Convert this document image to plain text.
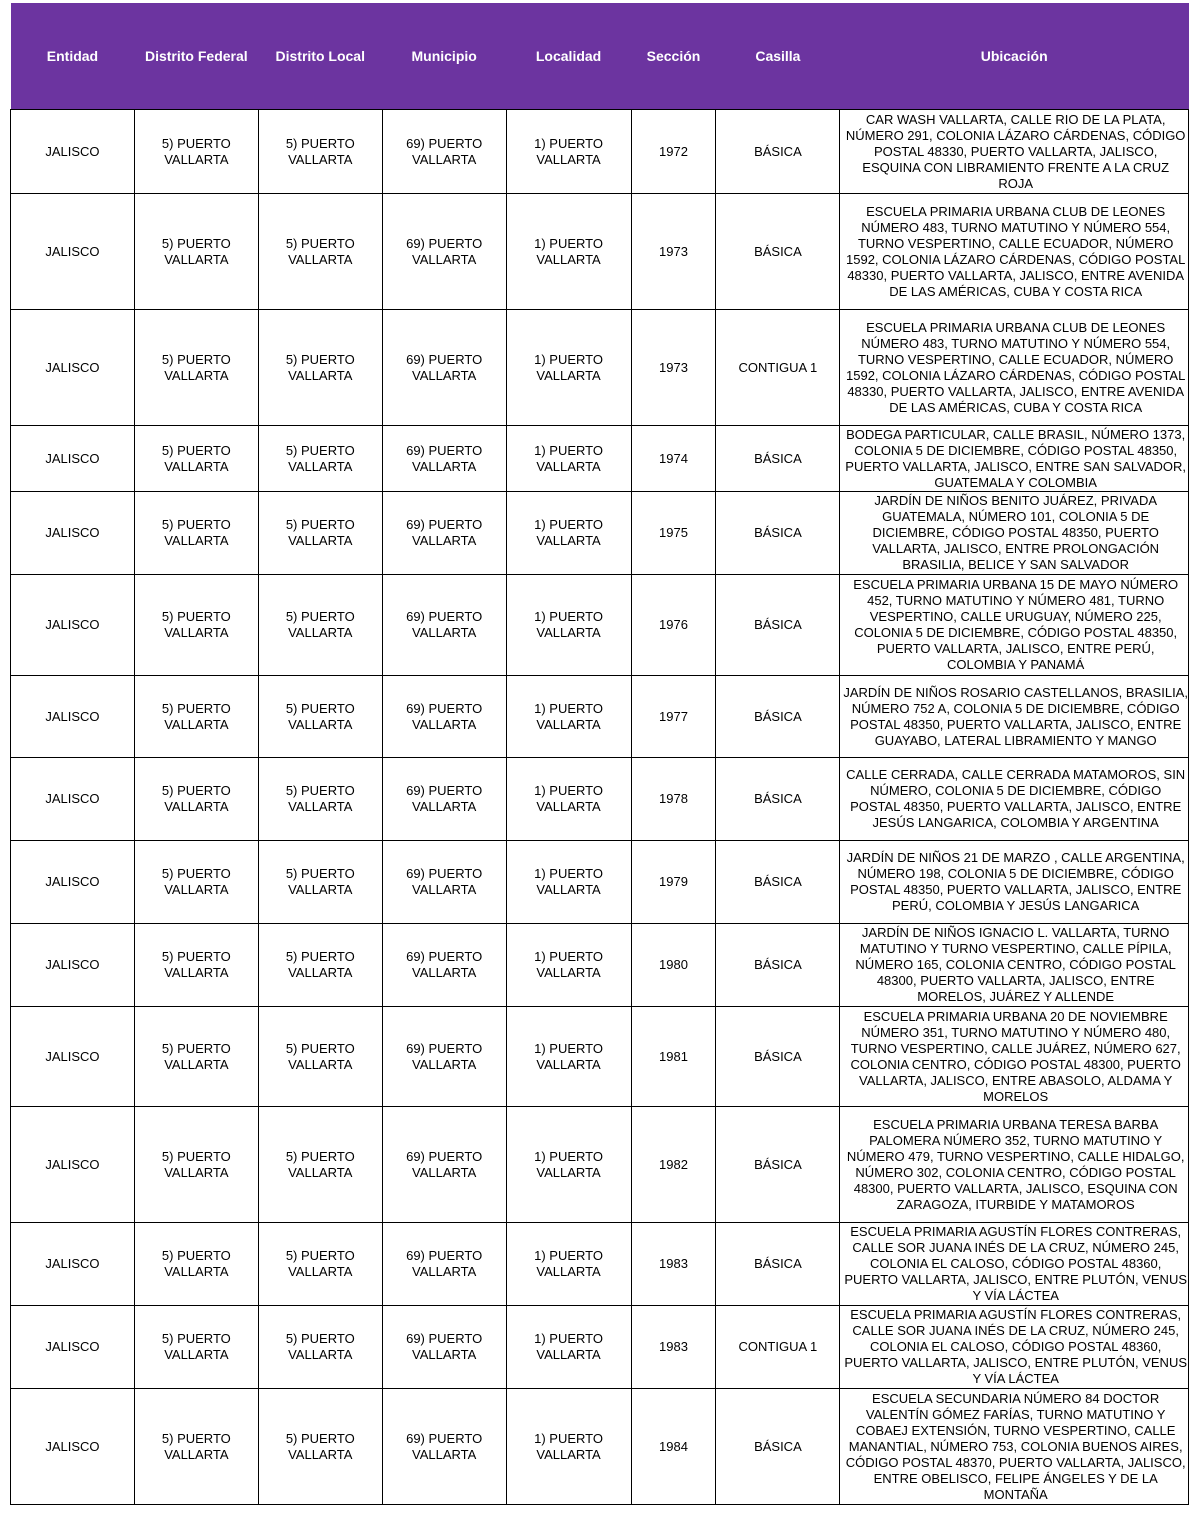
Entidad	Distrito Federal	Distrito Local	Municipio	Localidad	Sección	Casilla	Ubicación
JALISCO	5) PUERTO VALLARTA	5) PUERTO VALLARTA	69) PUERTO VALLARTA	1) PUERTO VALLARTA	1972	BÁSICA	CAR WASH VALLARTA, CALLE RIO DE LA PLATA, NÚMERO 291, COLONIA LÁZARO CÁRDENAS, CÓDIGO POSTAL 48330, PUERTO VALLARTA, JALISCO, ESQUINA CON LIBRAMIENTO FRENTE A LA CRUZ ROJA
JALISCO	5) PUERTO VALLARTA	5) PUERTO VALLARTA	69) PUERTO VALLARTA	1) PUERTO VALLARTA	1973	BÁSICA	ESCUELA PRIMARIA URBANA CLUB DE LEONES NÚMERO 483, TURNO MATUTINO Y NÚMERO 554, TURNO VESPERTINO, CALLE ECUADOR, NÚMERO 1592, COLONIA LÁZARO CÁRDENAS, CÓDIGO POSTAL 48330, PUERTO VALLARTA, JALISCO, ENTRE AVENIDA DE LAS AMÉRICAS, CUBA Y COSTA RICA
JALISCO	5) PUERTO VALLARTA	5) PUERTO VALLARTA	69) PUERTO VALLARTA	1) PUERTO VALLARTA	1973	CONTIGUA 1	ESCUELA PRIMARIA URBANA CLUB DE LEONES NÚMERO 483, TURNO MATUTINO Y NÚMERO 554, TURNO VESPERTINO, CALLE ECUADOR, NÚMERO 1592, COLONIA LÁZARO CÁRDENAS, CÓDIGO POSTAL 48330, PUERTO VALLARTA, JALISCO, ENTRE AVENIDA DE LAS AMÉRICAS, CUBA Y COSTA RICA
JALISCO	5) PUERTO VALLARTA	5) PUERTO VALLARTA	69) PUERTO VALLARTA	1) PUERTO VALLARTA	1974	BÁSICA	BODEGA PARTICULAR, CALLE BRASIL, NÚMERO 1373, COLONIA 5 DE DICIEMBRE, CÓDIGO POSTAL 48350, PUERTO VALLARTA, JALISCO, ENTRE SAN SALVADOR, GUATEMALA Y COLOMBIA
JALISCO	5) PUERTO VALLARTA	5) PUERTO VALLARTA	69) PUERTO VALLARTA	1) PUERTO VALLARTA	1975	BÁSICA	JARDÍN DE NIÑOS BENITO JUÁREZ, PRIVADA GUATEMALA, NÚMERO 101, COLONIA 5 DE DICIEMBRE, CÓDIGO POSTAL 48350, PUERTO VALLARTA, JALISCO, ENTRE PROLONGACIÓN BRASILIA, BELICE Y SAN SALVADOR
JALISCO	5) PUERTO VALLARTA	5) PUERTO VALLARTA	69) PUERTO VALLARTA	1) PUERTO VALLARTA	1976	BÁSICA	ESCUELA PRIMARIA URBANA 15 DE MAYO NÚMERO 452, TURNO MATUTINO Y NÚMERO 481, TURNO VESPERTINO, CALLE URUGUAY, NÚMERO 225, COLONIA 5 DE DICIEMBRE, CÓDIGO POSTAL 48350, PUERTO VALLARTA, JALISCO, ENTRE PERÚ, COLOMBIA Y PANAMÁ
JALISCO	5) PUERTO VALLARTA	5) PUERTO VALLARTA	69) PUERTO VALLARTA	1) PUERTO VALLARTA	1977	BÁSICA	JARDÍN DE NIÑOS ROSARIO CASTELLANOS, BRASILIA, NÚMERO 752 A, COLONIA 5 DE DICIEMBRE, CÓDIGO POSTAL 48350, PUERTO VALLARTA, JALISCO, ENTRE GUAYABO, LATERAL LIBRAMIENTO Y MANGO
JALISCO	5) PUERTO VALLARTA	5) PUERTO VALLARTA	69) PUERTO VALLARTA	1) PUERTO VALLARTA	1978	BÁSICA	CALLE CERRADA, CALLE CERRADA MATAMOROS, SIN NÚMERO, COLONIA 5 DE DICIEMBRE, CÓDIGO POSTAL 48350, PUERTO VALLARTA, JALISCO, ENTRE JESÚS LANGARICA, COLOMBIA Y ARGENTINA
JALISCO	5) PUERTO VALLARTA	5) PUERTO VALLARTA	69) PUERTO VALLARTA	1) PUERTO VALLARTA	1979	BÁSICA	JARDÍN DE NIÑOS 21 DE MARZO , CALLE ARGENTINA, NÚMERO 198, COLONIA 5 DE DICIEMBRE, CÓDIGO POSTAL 48350, PUERTO VALLARTA, JALISCO, ENTRE PERÚ, COLOMBIA Y JESÚS LANGARICA
JALISCO	5) PUERTO VALLARTA	5) PUERTO VALLARTA	69) PUERTO VALLARTA	1) PUERTO VALLARTA	1980	BÁSICA	JARDÍN DE NIÑOS IGNACIO L. VALLARTA, TURNO MATUTINO Y TURNO VESPERTINO, CALLE PÍPILA, NÚMERO 165, COLONIA CENTRO, CÓDIGO POSTAL 48300, PUERTO VALLARTA, JALISCO, ENTRE MORELOS, JUÁREZ Y ALLENDE
JALISCO	5) PUERTO VALLARTA	5) PUERTO VALLARTA	69) PUERTO VALLARTA	1) PUERTO VALLARTA	1981	BÁSICA	ESCUELA PRIMARIA URBANA 20 DE NOVIEMBRE NÚMERO 351, TURNO MATUTINO Y NÚMERO 480, TURNO VESPERTINO, CALLE JUÁREZ, NÚMERO 627, COLONIA CENTRO, CÓDIGO POSTAL 48300, PUERTO VALLARTA, JALISCO, ENTRE ABASOLO, ALDAMA Y MORELOS
JALISCO	5) PUERTO VALLARTA	5) PUERTO VALLARTA	69) PUERTO VALLARTA	1) PUERTO VALLARTA	1982	BÁSICA	ESCUELA PRIMARIA URBANA TERESA BARBA PALOMERA NÚMERO 352, TURNO MATUTINO Y NÚMERO 479, TURNO VESPERTINO, CALLE HIDALGO, NÚMERO 302, COLONIA CENTRO, CÓDIGO POSTAL 48300, PUERTO VALLARTA, JALISCO, ESQUINA CON ZARAGOZA, ITURBIDE Y MATAMOROS
JALISCO	5) PUERTO VALLARTA	5) PUERTO VALLARTA	69) PUERTO VALLARTA	1) PUERTO VALLARTA	1983	BÁSICA	ESCUELA PRIMARIA AGUSTÍN FLORES CONTRERAS, CALLE SOR JUANA INÉS DE LA CRUZ, NÚMERO 245, COLONIA EL CALOSO, CÓDIGO POSTAL 48360, PUERTO VALLARTA, JALISCO, ENTRE PLUTÓN, VENUS Y VÍA LÁCTEA
JALISCO	5) PUERTO VALLARTA	5) PUERTO VALLARTA	69) PUERTO VALLARTA	1) PUERTO VALLARTA	1983	CONTIGUA 1	ESCUELA PRIMARIA AGUSTÍN FLORES CONTRERAS, CALLE SOR JUANA INÉS DE LA CRUZ, NÚMERO 245, COLONIA EL CALOSO, CÓDIGO POSTAL 48360, PUERTO VALLARTA, JALISCO, ENTRE PLUTÓN, VENUS Y VÍA LÁCTEA
JALISCO	5) PUERTO VALLARTA	5) PUERTO VALLARTA	69) PUERTO VALLARTA	1) PUERTO VALLARTA	1984	BÁSICA	ESCUELA SECUNDARIA NÚMERO 84 DOCTOR VALENTÍN GÓMEZ FARÍAS, TURNO MATUTINO Y COBAEJ EXTENSIÓN, TURNO VESPERTINO, CALLE MANANTIAL, NÚMERO 753, COLONIA BUENOS AIRES, CÓDIGO POSTAL 48370, PUERTO VALLARTA, JALISCO, ENTRE OBELISCO, FELIPE ÁNGELES Y DE LA MONTAÑA
